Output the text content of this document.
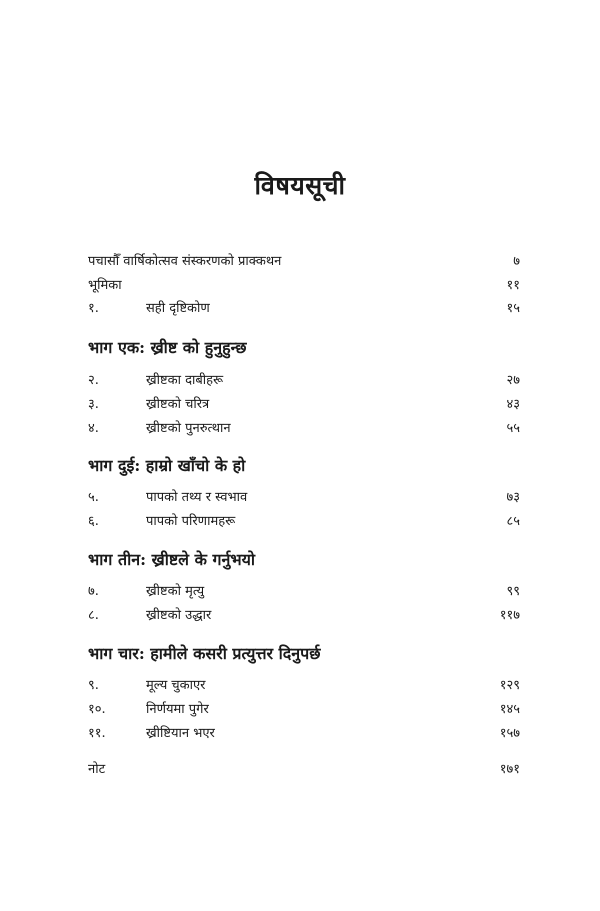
विषयसूची
पचासौँ वार्षिकोत्सव संस्करणको प्राक्कथन	७
भूमिका	११
१.	सही दृष्टिकोण	१५
भाग एक: ख्रीष्ट को हुनुहुन्छ
२.	ख्रीष्टका दाबीहरू	२७
३.	ख्रीष्टको चरित्र	४३
४.	ख्रीष्टको पुनरुत्थान	५५
भाग दुई: हाम्रो खाँचो के हो
५.	पापको तथ्य र स्वभाव	७३
६.	पापको परिणामहरू	८५
भाग तीन: ख्रीष्टले के गर्नुभयो
७.	ख्रीष्टको मृत्यु	९९
८.	ख्रीष्टको उद्धार	११७
भाग चार: हामीले कसरी प्रत्युत्तर दिनुपर्छ
९.	मूल्य चुकाएर	१२९
१०.	निर्णयमा पुगेर	१४५
११.	ख्रीष्टियान भएर	१५७
नोट	१७१
